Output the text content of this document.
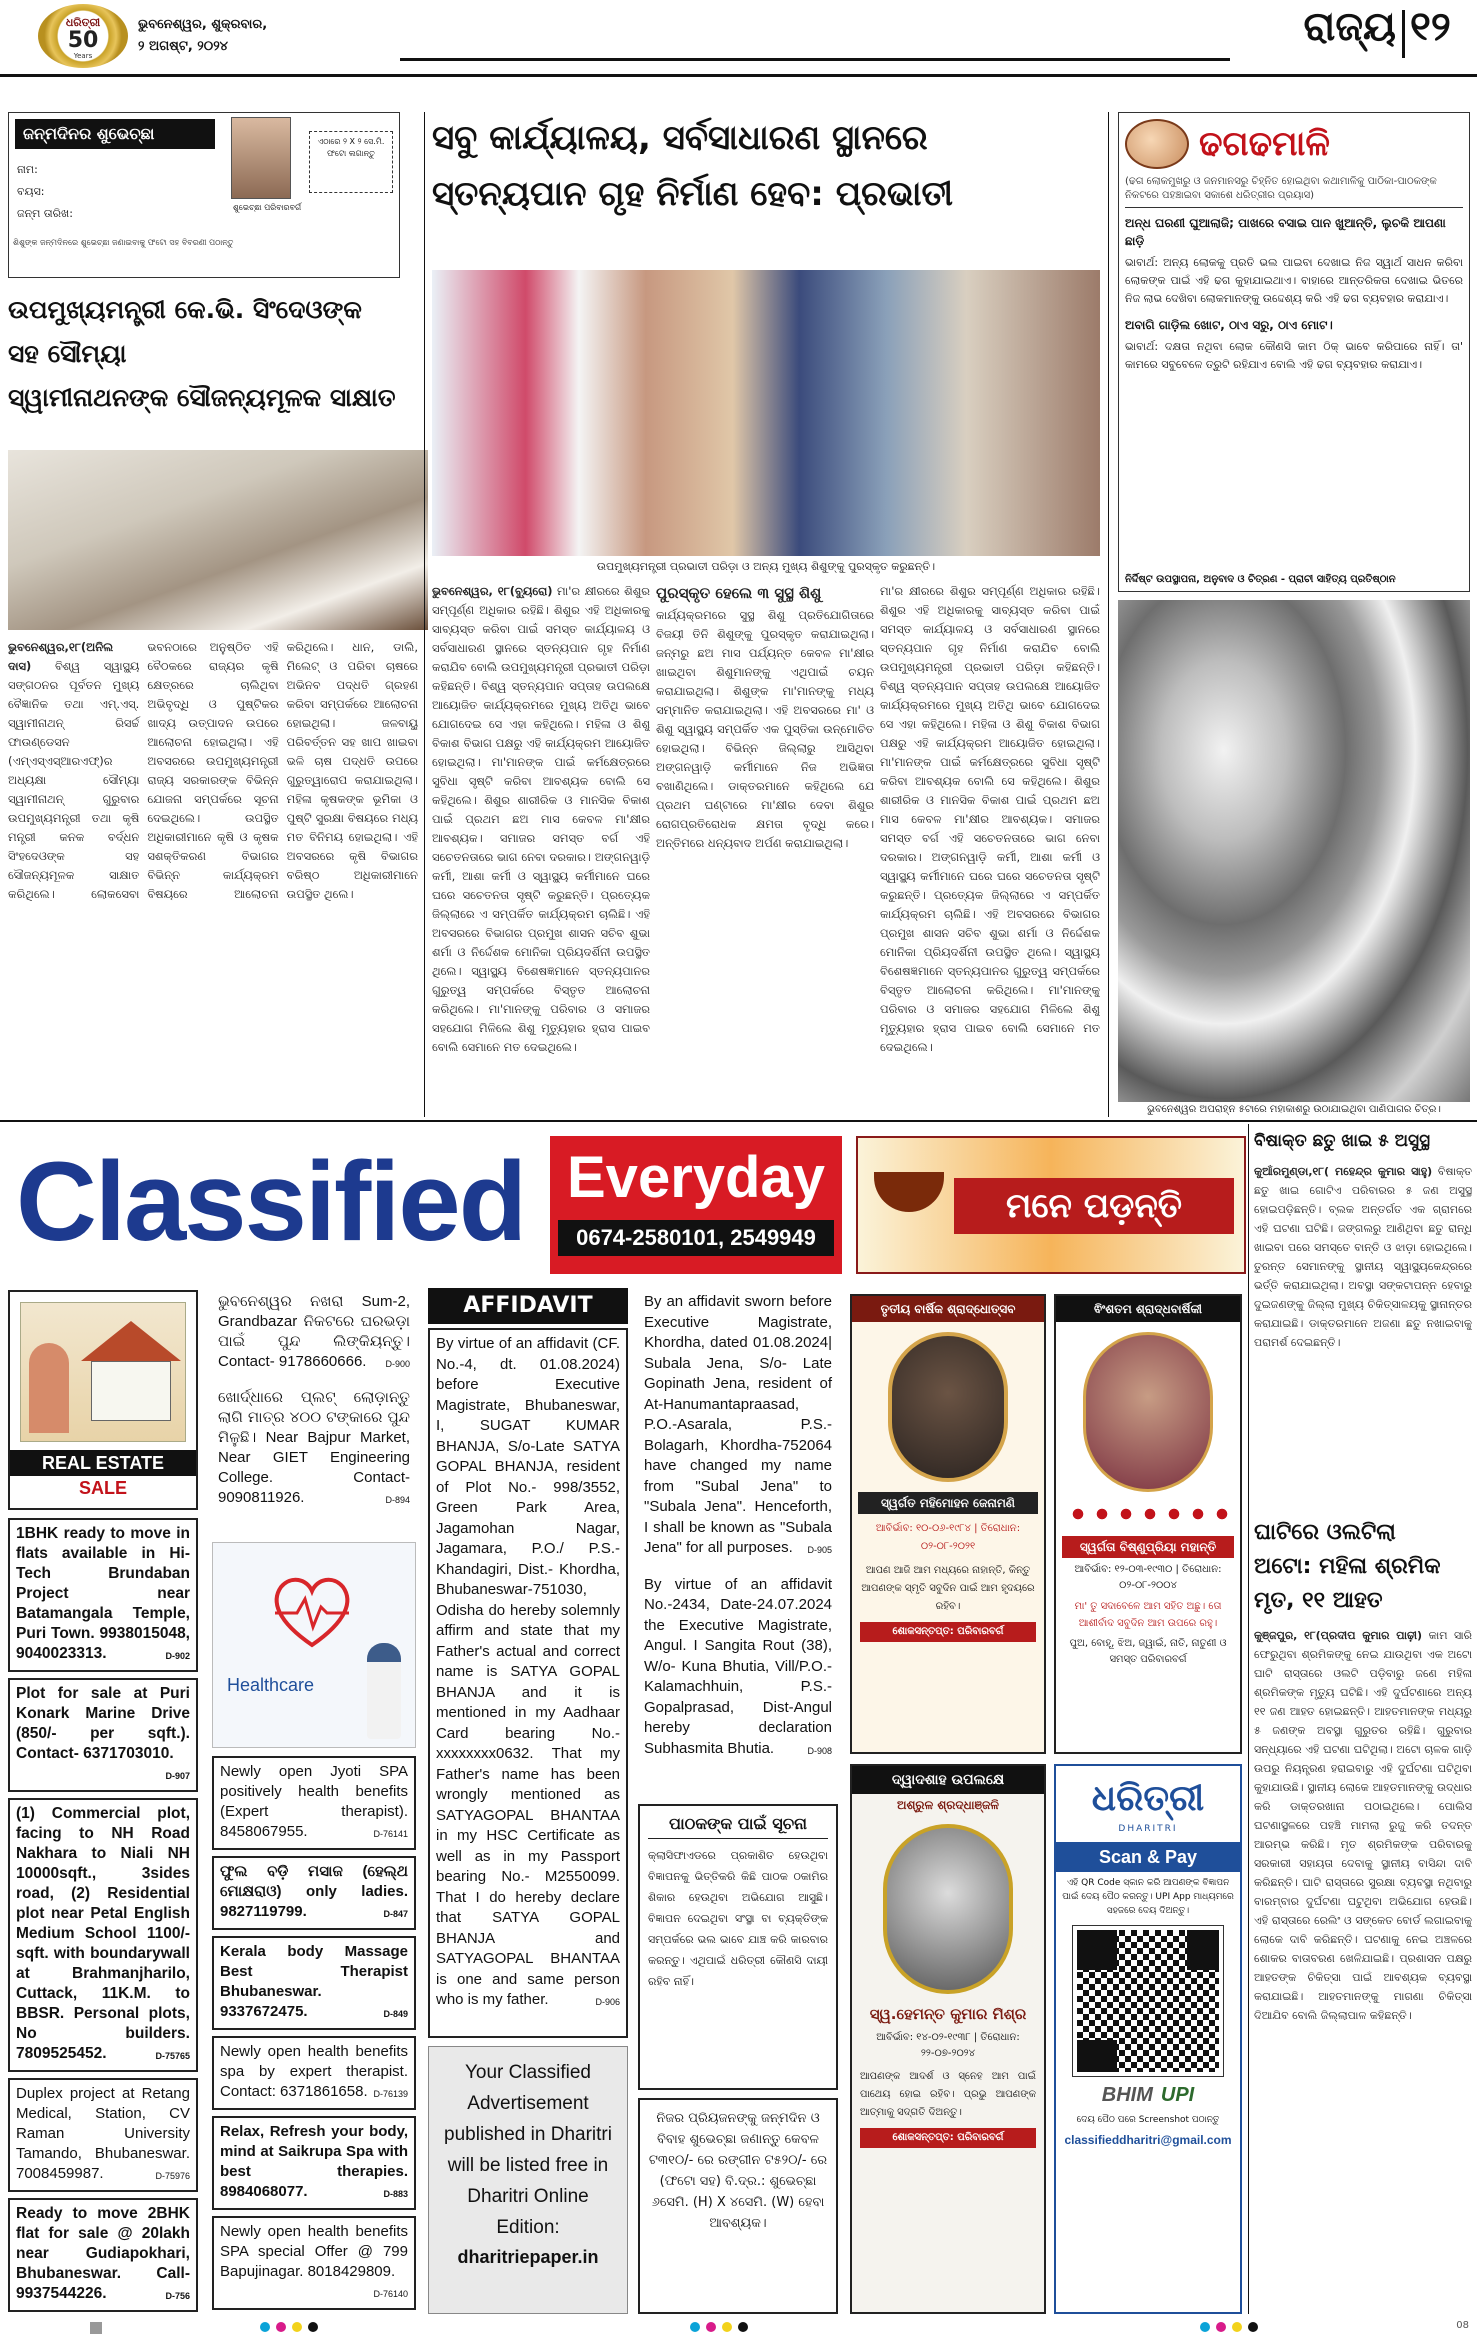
ଧରିତ୍ରୀ
50
Years
ଭୁବନେଶ୍ୱର, ଶୁକ୍ରବାର,
୨ ଅଗଷ୍ଟ, ୨୦୨୪	ରାଜ୍ୟ ୧୨
ଜନ୍ମଦିନର ଶୁଭେଚ୍ଛା	ଏଠାରେ ୨ X ୨ ସେ.ମି. ଫଟୋ ଲଗାନ୍ତୁ
ନାମ:
ବୟସ:
ଜନ୍ମ ତାରିଖ:	ଶୁଭେଚ୍ଛା ପରିବାରବର୍ଗ
ଶିଶୁଙ୍କ ଜନ୍ମଦିନରେ ଶୁଭେଚ୍ଛା ଜଣାଇବାକୁ ଫଟୋ ସହ ବିବରଣୀ ପଠାନ୍ତୁ
ଉପମୁଖ୍ୟମନ୍ତ୍ରୀ କେ.ଭି. ସିଂଦେଓଙ୍କ ସହ ସୌମ୍ୟା
ସ୍ୱାମୀନାଥନଙ୍କ ସୌଜନ୍ୟମୂଳକ ସାକ୍ଷାତ
ଭୁବନେଶ୍ୱର,୧୮(ଅନିଲ ଦାସ) ବିଶ୍ୱ ସ୍ୱାସ୍ଥ୍ୟ ସଙ୍ଗଠନର ପୂର୍ବତନ ମୁଖ୍ୟ ବୈଜ୍ଞାନିକ ତଥା ଏମ୍.ଏସ୍. ସ୍ୱାମୀନାଥନ୍ ରିସର୍ଚ୍ଚ ଫାଉଣ୍ଡେସନ (ଏମ୍‌ଏସ୍‌ଏସ୍‌ଆରଏଫ୍)ର ଅଧ୍ୟକ୍ଷା ସୌମ୍ୟା ସ୍ୱାମୀନାଥନ୍ ଗୁରୁବାର ଉପମୁଖ୍ୟମନ୍ତ୍ରୀ ତଥା କୃଷି ମନ୍ତ୍ରୀ କନକ ବର୍ଦ୍ଧନ ସିଂହଦେଓଙ୍କ ସହ ସୌଜନ୍ୟମୂଳକ ସାକ୍ଷାତ କରିଥିଲେ। ଲୋକସେବା ଭବନଠାରେ ଅନୁଷ୍ଠିତ ଏହି ବୈଠକରେ ରାଜ୍ୟର କୃଷି କ୍ଷେତ୍ରରେ ଚାଲିଥିବା ଅଭିବୃଦ୍ଧି ଓ ପୁଷ୍ଟିକର ଖାଦ୍ୟ ଉତ୍ପାଦନ ଉପରେ ଆଲୋଚନା ହୋଇଥିଲା। ଏହି ଅବସରରେ ଉପମୁଖ୍ୟମନ୍ତ୍ରୀ ରାଜ୍ୟ ସରକାରଙ୍କ ବିଭିନ୍ନ ଯୋଜନା ସମ୍ପର୍କରେ ସୂଚନା ଦେଇଥିଲେ। ଉପସ୍ଥିତ ଅଧିକାରୀମାନେ କୃଷି ଓ କୃଷକ ସଶକ୍ତିକରଣ ବିଭାଗର ବିଭିନ୍ନ କାର୍ଯ୍ୟକ୍ରମ ବିଷୟରେ ଆଲୋଚନା କରିଥିଲେ। ଧାନ, ଡାଲି, ମିଲେଟ୍ ଓ ପରିବା ଚାଷରେ ଅଭିନବ ପଦ୍ଧତି ଗ୍ରହଣ କରିବା ସମ୍ପର୍କରେ ଆଲୋଚନା ହୋଇଥିଲା। ଜଳବାୟୁ ପରିବର୍ତ୍ତନ ସହ ଖାପ ଖାଇବା ଭଳି ଚାଷ ପଦ୍ଧତି ଉପରେ ଗୁରୁତ୍ୱାରୋପ କରାଯାଇଥିଲା। ମହିଳା କୃଷକଙ୍କ ଭୂମିକା ଓ ପୁଷ୍ଟି ସୁରକ୍ଷା ବିଷୟରେ ମଧ୍ୟ ମତ ବିନିମୟ ହୋଇଥିଲା। ଏହି ଅବସରରେ କୃଷି ବିଭାଗର ବରିଷ୍ଠ ଅଧିକାରୀମାନେ ଉପସ୍ଥିତ ଥିଲେ।
ସବୁ କାର୍ଯ୍ୟାଳୟ, ସର୍ବସାଧାରଣ ସ୍ଥାନରେ
ସ୍ତନ୍ୟପାନ ଗୃହ ନିର୍ମାଣ ହେବ: ପ୍ରଭାତୀ
ଉପମୁଖ୍ୟମନ୍ତ୍ରୀ ପ୍ରଭାତୀ ପରିଡ଼ା ଓ ଅନ୍ୟ ମୁଖ୍ୟ ଶିଶୁଙ୍କୁ ପୁରସ୍କୃତ କରୁଛନ୍ତି।
ଭୁବନେଶ୍ୱର, ୧୮(ବ୍ୟୁରୋ) ମା'ର କ୍ଷୀରରେ ଶିଶୁର ସମ୍ପୂର୍ଣ୍ଣ ଅଧିକାର ରହିଛି। ଶିଶୁର ଏହି ଅଧିକାରକୁ ସାବ୍ୟସ୍ତ କରିବା ପାଇଁ ସମସ୍ତ କାର୍ଯ୍ୟାଳୟ ଓ ସର୍ବସାଧାରଣ ସ୍ଥାନରେ ସ୍ତନ୍ୟପାନ ଗୃହ ନିର୍ମାଣ କରାଯିବ ବୋଲି ଉପମୁଖ୍ୟମନ୍ତ୍ରୀ ପ୍ରଭାତୀ ପରିଡ଼ା କହିଛନ୍ତି। ବିଶ୍ୱ ସ୍ତନ୍ୟପାନ ସପ୍ତାହ ଉପଲକ୍ଷେ ଆୟୋଜିତ କାର୍ଯ୍ୟକ୍ରମରେ ମୁଖ୍ୟ ଅତିଥି ଭାବେ ଯୋଗଦେଇ ସେ ଏହା କହିଥିଲେ। ମହିଳା ଓ ଶିଶୁ ବିକାଶ ବିଭାଗ ପକ୍ଷରୁ ଏହି କାର୍ଯ୍ୟକ୍ରମ ଆୟୋଜିତ ହୋଇଥିଲା। ମା'ମାନଙ୍କ ପାଇଁ କର୍ମକ୍ଷେତ୍ରରେ ସୁବିଧା ସୃଷ୍ଟି କରିବା ଆବଶ୍ୟକ ବୋଲି ସେ କହିଥିଲେ। ଶିଶୁର ଶାରୀରିକ ଓ ମାନସିକ ବିକାଶ ପାଇଁ ପ୍ରଥମ ଛଅ ମାସ କେବଳ ମା'କ୍ଷୀର ଆବଶ୍ୟକ। ସମାଜର ସମସ୍ତ ବର୍ଗ ଏହି ସଚେତନତାରେ ଭାଗ ନେବା ଦରକାର। ଅଙ୍ଗନୱାଡ଼ି କର୍ମୀ, ଆଶା କର୍ମୀ ଓ ସ୍ୱାସ୍ଥ୍ୟ କର୍ମୀମାନେ ଘରେ ଘରେ ସଚେତନତା ସୃଷ୍ଟି କରୁଛନ୍ତି। ପ୍ରତ୍ୟେକ ଜିଲ୍ଲାରେ ଏ ସମ୍ପର୍କିତ କାର୍ଯ୍ୟକ୍ରମ ଚାଲିଛି। ଏହି ଅବସରରେ ବିଭାଗର ପ୍ରମୁଖ ଶାସନ ସଚିବ ଶୁଭା ଶର୍ମା ଓ ନିର୍ଦ୍ଦେଶକ ମୋନିକା ପ୍ରିୟଦର୍ଶିନୀ ଉପସ୍ଥିତ ଥିଲେ। ସ୍ୱାସ୍ଥ୍ୟ ବିଶେଷଜ୍ଞମାନେ ସ୍ତନ୍ୟପାନର ଗୁରୁତ୍ୱ ସମ୍ପର୍କରେ ବିସ୍ତୃତ ଆଲୋଚନା କରିଥିଲେ। ମା'ମାନଙ୍କୁ ପରିବାର ଓ ସମାଜର ସହଯୋଗ ମିଳିଲେ ଶିଶୁ ମୃତ୍ୟୁହାର ହ୍ରାସ ପାଇବ ବୋଲି ସେମାନେ ମତ ଦେଇଥିଲେ।
ପୁରସ୍କୃତ ହେଲେ ୩ ସୁସ୍ଥ ଶିଶୁ
କାର୍ଯ୍ୟକ୍ରମରେ ସୁସ୍ଥ ଶିଶୁ ପ୍ରତିଯୋଗିତାରେ ବିଜୟୀ ତିନି ଶିଶୁଙ୍କୁ ପୁରସ୍କୃତ କରାଯାଇଥିଲା। ଜନ୍ମରୁ ଛଅ ମାସ ପର୍ଯ୍ୟନ୍ତ କେବଳ ମା'କ୍ଷୀର ଖାଇଥିବା ଶିଶୁମାନଙ୍କୁ ଏଥିପାଇଁ ଚୟନ କରାଯାଇଥିଲା। ଶିଶୁଙ୍କ ମା'ମାନଙ୍କୁ ମଧ୍ୟ ସମ୍ମାନିତ କରାଯାଇଥିଲା। ଏହି ଅବସରରେ ମା' ଓ ଶିଶୁ ସ୍ୱାସ୍ଥ୍ୟ ସମ୍ପର୍କିତ ଏକ ପୁସ୍ତିକା ଉନ୍ମୋଚିତ ହୋଇଥିଲା। ବିଭିନ୍ନ ଜିଲ୍ଲାରୁ ଆସିଥିବା ଅଙ୍ଗନୱାଡ଼ି କର୍ମୀମାନେ ନିଜ ଅଭିଜ୍ଞତା ବଖାଣିଥିଲେ। ଡାକ୍ତରମାନେ କହିଥିଲେ ଯେ ପ୍ରଥମ ଘଣ୍ଟାରେ ମା'କ୍ଷୀର ଦେବା ଶିଶୁର ରୋଗପ୍ରତିରୋଧକ କ୍ଷମତା ବୃଦ୍ଧି କରେ। ଅନ୍ତିମରେ ଧନ୍ୟବାଦ ଅର୍ପଣ କରାଯାଇଥିଲା।
ମା'ର କ୍ଷୀରରେ ଶିଶୁର ସମ୍ପୂର୍ଣ୍ଣ ଅଧିକାର ରହିଛି। ଶିଶୁର ଏହି ଅଧିକାରକୁ ସାବ୍ୟସ୍ତ କରିବା ପାଇଁ ସମସ୍ତ କାର୍ଯ୍ୟାଳୟ ଓ ସର୍ବସାଧାରଣ ସ୍ଥାନରେ ସ୍ତନ୍ୟପାନ ଗୃହ ନିର୍ମାଣ କରାଯିବ ବୋଲି ଉପମୁଖ୍ୟମନ୍ତ୍ରୀ ପ୍ରଭାତୀ ପରିଡ଼ା କହିଛନ୍ତି। ବିଶ୍ୱ ସ୍ତନ୍ୟପାନ ସପ୍ତାହ ଉପଲକ୍ଷେ ଆୟୋଜିତ କାର୍ଯ୍ୟକ୍ରମରେ ମୁଖ୍ୟ ଅତିଥି ଭାବେ ଯୋଗଦେଇ ସେ ଏହା କହିଥିଲେ। ମହିଳା ଓ ଶିଶୁ ବିକାଶ ବିଭାଗ ପକ୍ଷରୁ ଏହି କାର୍ଯ୍ୟକ୍ରମ ଆୟୋଜିତ ହୋଇଥିଲା। ମା'ମାନଙ୍କ ପାଇଁ କର୍ମକ୍ଷେତ୍ରରେ ସୁବିଧା ସୃଷ୍ଟି କରିବା ଆବଶ୍ୟକ ବୋଲି ସେ କହିଥିଲେ। ଶିଶୁର ଶାରୀରିକ ଓ ମାନସିକ ବିକାଶ ପାଇଁ ପ୍ରଥମ ଛଅ ମାସ କେବଳ ମା'କ୍ଷୀର ଆବଶ୍ୟକ। ସମାଜର ସମସ୍ତ ବର୍ଗ ଏହି ସଚେତନତାରେ ଭାଗ ନେବା ଦରକାର। ଅଙ୍ଗନୱାଡ଼ି କର୍ମୀ, ଆଶା କର୍ମୀ ଓ ସ୍ୱାସ୍ଥ୍ୟ କର୍ମୀମାନେ ଘରେ ଘରେ ସଚେତନତା ସୃଷ୍ଟି କରୁଛନ୍ତି। ପ୍ରତ୍ୟେକ ଜିଲ୍ଲାରେ ଏ ସମ୍ପର୍କିତ କାର୍ଯ୍ୟକ୍ରମ ଚାଲିଛି। ଏହି ଅବସରରେ ବିଭାଗର ପ୍ରମୁଖ ଶାସନ ସଚିବ ଶୁଭା ଶର୍ମା ଓ ନିର୍ଦ୍ଦେଶକ ମୋନିକା ପ୍ରିୟଦର୍ଶିନୀ ଉପସ୍ଥିତ ଥିଲେ। ସ୍ୱାସ୍ଥ୍ୟ ବିଶେଷଜ୍ଞମାନେ ସ୍ତନ୍ୟପାନର ଗୁରୁତ୍ୱ ସମ୍ପର୍କରେ ବିସ୍ତୃତ ଆଲୋଚନା କରିଥିଲେ। ମା'ମାନଙ୍କୁ ପରିବାର ଓ ସମାଜର ସହଯୋଗ ମିଳିଲେ ଶିଶୁ ମୃତ୍ୟୁହାର ହ୍ରାସ ପାଇବ ବୋଲି ସେମାନେ ମତ ଦେଇଥିଲେ।
ଢଗଢମାଳି
(ଢଗ ଲୋକମୁଖରୁ ଓ ଜନମାନସରୁ ଚିହ୍ନିତ ହୋଇଥିବା କଥାମାଳିକୁ ପାଠିକା-ପାଠକଙ୍କ ନିକଟରେ ପହଞ୍ଚାଇବା ସକାଶେ ଧରିତ୍ରୀର ପ୍ରୟାସ)
ଅନ୍ଧ ଘରଣୀ ଘୁଆଲାଜି; ପାଖରେ ବସାଇ ପାନ ଖୁଆନ୍ତି, ଲୁଚକି ଆପଣା ଛାଡ଼ି
ଭାବାର୍ଥ: ଅନ୍ୟ ଲୋକକୁ ପ୍ରତି ଭଲ ପାଇବା ଦେଖାଇ ନିଜ ସ୍ୱାର୍ଥ ସାଧନ କରିବା ଲୋକଙ୍କ ପାଇଁ ଏହି ଢଗ କୁହାଯାଇଥାଏ। ବାହାରେ ଆନ୍ତରିକତା ଦେଖାଇ ଭିତରେ ନିଜ ଲାଭ ଦେଖିବା ଲୋକମାନଙ୍କୁ ଉଦ୍ଦେଶ୍ୟ କରି ଏହି ଢଗ ବ୍ୟବହାର କରାଯାଏ।
ଅବାଗି ଗାଡ଼ିଲ ଖୋଟ, ଠାଏ ସରୁ, ଠାଏ ମୋଟ।
ଭାବାର୍ଥ: ଦକ୍ଷତା ନଥିବା ଲୋକ କୌଣସି କାମ ଠିକ୍ ଭାବେ କରିପାରେ ନାହିଁ। ତା' କାମରେ ସବୁବେଳେ ତ୍ରୁଟି ରହିଯାଏ ବୋଲି ଏହି ଢଗ ବ୍ୟବହାର କରାଯାଏ।
ନିର୍ଦ୍ଦିଷ୍ଟ ଉପସ୍ଥାପନା, ଅନୁବାଦ ଓ ଚିତ୍ରଣ - ପ୍ରାଚୀ ସାହିତ୍ୟ ପ୍ରତିଷ୍ଠାନ
ଭୁବନେଶ୍ୱର ଅପରାହ୍ନ ୫ଟାରେ ମହାକାଶରୁ ଉଠାଯାଇଥିବା ପାଣିପାଗର ଚିତ୍ର।
Classified Everyday
0674-2580101, 2549949
ମନେ ପଡ଼ନ୍ତି
ବିଷାକ୍ତ ଛତୁ ଖାଇ ୫ ଅସୁସ୍ଥ
କୁଆଁରମୁଣ୍ଡା,୧୮( ମହେନ୍ଦ୍ର କୁମାର ସାହୁ) ବିଷାକ୍ତ ଛତୁ ଖାଇ ଗୋଟିଏ ପରିବାରର ୫ ଜଣ ଅସୁସ୍ଥ ହୋଇପଡ଼ିଛନ୍ତି। ବ୍ଲକ ଅନ୍ତର୍ଗତ ଏକ ଗ୍ରାମରେ ଏହି ଘଟଣା ଘଟିଛି। ଜଙ୍ଗଲରୁ ଆଣିଥିବା ଛତୁ ରାନ୍ଧି ଖାଇବା ପରେ ସମସ୍ତେ ବାନ୍ତି ଓ ଝାଡ଼ା ହୋଇଥିଲେ। ତୁରନ୍ତ ସେମାନଙ୍କୁ ସ୍ଥାନୀୟ ସ୍ୱାସ୍ଥ୍ୟକେନ୍ଦ୍ରରେ ଭର୍ତ୍ତି କରାଯାଇଥିଲା। ଅବସ୍ଥା ସଙ୍କଟାପନ୍ନ ହେବାରୁ ଦୁଇଜଣଙ୍କୁ ଜିଲ୍ଲା ମୁଖ୍ୟ ଚିକିତ୍ସାଳୟକୁ ସ୍ଥାନାନ୍ତର କରାଯାଇଛି। ଡାକ୍ତରମାନେ ଅଜଣା ଛତୁ ନଖାଇବାକୁ ପରାମର୍ଶ ଦେଇଛନ୍ତି।
ଘାଟିରେ ଓଲଟିଲା
ଅଟୋ: ମହିଳା ଶ୍ରମିକ
ମୃତ, ୧୧ ଆହତ
କୁଞ୍ଜପୁର, ୧୮(ପ୍ରଦୀପ କୁମାର ପାଢ଼ୀ) କାମ ସାରି ଫେରୁଥିବା ଶ୍ରମିକଙ୍କୁ ନେଇ ଯାଉଥିବା ଏକ ଅଟୋ ଘାଟି ରାସ୍ତାରେ ଓଲଟି ପଡ଼ିବାରୁ ଜଣେ ମହିଳା ଶ୍ରମିକଙ୍କ ମୃତ୍ୟୁ ଘଟିଛି। ଏହି ଦୁର୍ଘଟଣାରେ ଅନ୍ୟ ୧୧ ଜଣ ଆହତ ହୋଇଛନ୍ତି। ଆହତମାନଙ୍କ ମଧ୍ୟରୁ ୫ ଜଣଙ୍କ ଅବସ୍ଥା ଗୁରୁତର ରହିଛି। ଗୁରୁବାର ସନ୍ଧ୍ୟାରେ ଏହି ଘଟଣା ଘଟିଥିଲା। ଅଟୋ ଚାଳକ ଗାଡ଼ି ଉପରୁ ନିୟନ୍ତ୍ରଣ ହରାଇବାରୁ ଏହି ଦୁର୍ଘଟଣା ଘଟିଥିବା କୁହାଯାଉଛି। ସ୍ଥାନୀୟ ଲୋକେ ଆହତମାନଙ୍କୁ ଉଦ୍ଧାର କରି ଡାକ୍ତରଖାନା ପଠାଇଥିଲେ। ପୋଲିସ ଘଟଣାସ୍ଥଳରେ ପହଞ୍ଚି ମାମଲା ରୁଜୁ କରି ତଦନ୍ତ ଆରମ୍ଭ କରିଛି। ମୃତ ଶ୍ରମିକଙ୍କ ପରିବାରକୁ ସରକାରୀ ସହାୟତା ଦେବାକୁ ସ୍ଥାନୀୟ ବାସିନ୍ଦା ଦାବି କରିଛନ୍ତି। ଘାଟି ରାସ୍ତାରେ ସୁରକ୍ଷା ବ୍ୟବସ୍ଥା ନଥିବାରୁ ବାରମ୍ବାର ଦୁର୍ଘଟଣା ଘଟୁଥିବା ଅଭିଯୋଗ ହେଉଛି। ଏହି ରାସ୍ତାରେ ରେଲିଂ ଓ ସଙ୍କେତ ବୋର୍ଡ ଲଗାଇବାକୁ ଲୋକେ ଦାବି କରିଛନ୍ତି। ଘଟଣାକୁ ନେଇ ଅଞ୍ଚଳରେ ଶୋକର ବାତାବରଣ ଖେଳିଯାଇଛି। ପ୍ରଶାସନ ପକ୍ଷରୁ ଆହତଙ୍କ ଚିକିତ୍ସା ପାଇଁ ଆବଶ୍ୟକ ବ୍ୟବସ୍ଥା କରାଯାଇଛି। ଆହତମାନଙ୍କୁ ମାଗଣା ଚିକିତ୍ସା ଦିଆଯିବ ବୋଲି ଜିଲ୍ଲାପାଳ କହିଛନ୍ତି।
REAL ESTATE
SALE
1BHK ready to move in flats available in Hi-Tech Brundaban Project near Batamangala Temple, Puri Town. 9938015048, 9040023313.	D-902
Plot for sale at Puri Konark Marine Drive (850/- per sqft.). Contact- 6371703010.
D-907
(1) Commercial plot, facing to NH Road Nakhara to Niali NH 10000sqft., 3sides road, (2) Residential plot near Petal English Medium School 1100/- sqft. with boundarywall at Brahmanjharilo, Cuttack, 11K.M. to BBSR. Personal plots, No builders. 7809525452.	D-75765
Duplex project at Retang Medical, Station, CV Raman University Tamando, Bhubaneswar. 7008459987.	D-75976
Ready to move 2BHK flat for sale @ 20lakh near Gudiapokhari, Bhubaneswar. Call-9937544226.	D-756
ଭୁବନେଶ୍ୱର ନଖରା Sum-2, Grandbazar ନିକଟରେ ଘରଭଡ଼ା ପାଇଁ ପୁନ୍ଦ ଲିଙ୍କିୟନ୍ତୁ। Contact- 9178660666. D-900
ଖୋର୍ଦ୍ଧାରେ ପ୍ଲଟ୍ ଲୋଡ଼ାନ୍ତୁ ଲାଗି ମାତ୍ର ୪୦୦ ଟଙ୍କାରେ ପୁନ୍ଦ ମିଳୁଛି। Near Bajpur Market, Near GIET Engineering College. Contact- 9090811926.	D-894
Healthcare
Newly open Jyoti SPA positively health benefits (Expert therapist). 8458067955.	D-76141
ଫୁଲ ବଡ଼ି ମସାଜ (ହେଲ୍ଥ ମୋକ୍ଷରାଓ) only ladies. 9827119799.	D-847
Kerala body Massage Best Therapist Bhubaneswar. 9337672475.	D-849
Newly open health benefits spa by expert therapist. Contact: 6371861658. D-76139
Relax, Refresh your body, mind at Saikrupa Spa with best therapies. 8984068077.	D-883
Newly open health benefits SPA special Offer @ 799 Bapujinagar. 8018429809.
D-76140
AFFIDAVIT
By virtue of an affidavit (CF. No.-4, dt. 01.08.2024) before Executive Magistrate, Bhubaneswar, I, SUGAT KUMAR BHANJA, S/o-Late SATYA GOPAL BHANJA, resident of Plot No.- 998/3552, Green Park Area, Jagamohan Nagar, Jagamara, P.O./ P.S.- Khandagiri, Dist.- Khordha, Bhubaneswar-751030, Odisha do hereby solemnly affirm and state that my Father's actual and correct name is SATYA GOPAL BHANJA and it is mentioned in my Aadhaar Card bearing No.- xxxxxxxx0632. That my Father's name has been wrongly mentioned as SATYAGOPAL BHANTAA in my HSC Certificate as well as in my Passport bearing No.- M2550099. That I do hereby declare that SATYA GOPAL BHANJA and SATYAGOPAL BHANTAA is one and same person who is my father.	D-906
Your Classified Advertisement published in Dharitri will be listed free in Dharitri Online Edition:
dharitriepaper.in
By an affidavit sworn before Executive Magistrate, Khordha, dated 01.08.2024| Subala Jena, S/o- Late Gopinath Jena, resident of At-Hanumantapraasad, P.O.-Asarala, P.S.- Bolagarh, Khordha-752064 have changed my name from "Subal Jena" to "Subala Jena". Henceforth, I shall be known as "Subala Jena" for all purposes. D-905
By virtue of an affidavit No.-2434, Date-24.07.2024 the Executive Magistrate, Angul. I Sangita Rout (38), W/o- Kuna Bhutia, Vill/P.O.- Kalamachhuin, P.S.- Gopalprasad, Dist-Angul hereby declaration Subhasmita Bhutia.	D-908
ପାଠକଙ୍କ ପାଇଁ ସୂଚନା
କ୍ଲାସିଫାଏଡରେ ପ୍ରକାଶିତ ହେଉଥିବା ବିଜ୍ଞାପନକୁ ଭିତ୍ତିକରି କିଛି ପାଠକ ଠକାମିର ଶିକାର ହେଉଥିବା ଅଭିଯୋଗ ଆସୁଛି। ବିଜ୍ଞାପନ ଦେଇଥିବା ସଂସ୍ଥା ବା ବ୍ୟକ୍ତିଙ୍କ ସମ୍ପର୍କରେ ଭଲ ଭାବେ ଯାଞ୍ଚ କରି କାରବାର କରନ୍ତୁ। ଏଥିପାଇଁ ଧରିତ୍ରୀ କୌଣସି ଦାୟୀ ରହିବ ନାହିଁ।
ନିଜର ପ୍ରିୟଜନଙ୍କୁ ଜନ୍ମଦିନ ଓ ବିବାହ ଶୁଭେଚ୍ଛା ଜଣାନ୍ତୁ କେବଳ ଟ୩୧୦/- ରେ ରଙ୍ଗୀନ ଟ୫୨୦/- ରେ (ଫଟୋ ସହ) ବି.ଦ୍ର.: ଶୁଭେଚ୍ଛା ୬ସେମି. (H) X ୪ସେମି. (W) ହେବା ଆବଶ୍ୟକ।
ତୃତୀୟ ବାର୍ଷିକ ଶ୍ରାଦ୍ଧୋତ୍ସବ
ସ୍ୱର୍ଗତ ମହିମୋହନ ଜେନାମଣି
ଆବିର୍ଭାବ: ୧୦-୦୬-୧୯୮୪ | ତିରୋଧାନ: ୦୨-୦୮-୨୦୨୧
ଆପଣ ଆଜି ଆମ ମଧ୍ୟରେ ନାହାନ୍ତି, କିନ୍ତୁ ଆପଣଙ୍କ ସ୍ମୃତି ସବୁଦିନ ପାଇଁ ଆମ ହୃଦୟରେ ରହିବ।
ଶୋକସନ୍ତପ୍ତ: ପରିବାରବର୍ଗ
ଵିଂଶତମ ଶ୍ରାଦ୍ଧବାର୍ଷିକୀ
ସ୍ୱର୍ଗତା ବିଷ୍ଣୁପ୍ରିୟା ମହାନ୍ତି
ଆବିର୍ଭାବ: ୧୨-୦୩-୧୯୩୦ | ତିରୋଧାନ: ୦୨-୦୮-୨୦୦୪
ମା' ତୁ ସଦାବେଳେ ଆମ ସହିତ ଅଛୁ। ତୋ ଆଶୀର୍ବାଦ ସବୁଦିନ ଆମ ଉପରେ ରହୁ।
ପୁଅ, ବୋହୂ, ଝିଅ, ଜ୍ୱାଇଁ, ନାତି, ନାତୁଣୀ ଓ ସମସ୍ତ ପରିବାରବର୍ଗ
ଦ୍ୱାଦଶାହ ଉପଲକ୍ଷେ
ଅଶ୍ରୁଳ ଶ୍ରଦ୍ଧାଞ୍ଜଳି
ସ୍ୱ.ହେମନ୍ତ କୁମାର ମିଶ୍ର
ଆବିର୍ଭାବ: ୧୪-୦୨-୧୯୩୮ | ତିରୋଧାନ: ୨୨-୦୭-୨୦୨୪
ଆପଣଙ୍କ ଆଦର୍ଶ ଓ ସ୍ନେହ ଆମ ପାଇଁ ପାଥେୟ ହୋଇ ରହିବ। ପ୍ରଭୁ ଆପଣଙ୍କ ଆତ୍ମାକୁ ସଦ୍ଗତି ଦିଅନ୍ତୁ।
ଶୋକସନ୍ତପ୍ତ: ପରିବାରବର୍ଗ
ଧରିତ୍ରୀ
DHARITRI
Scan & Pay
ଏହି QR Code ସ୍କାନ କରି ଆପଣଙ୍କ ବିଜ୍ଞାପନ ପାଇଁ ଦେୟ ପୈଠ କରନ୍ତୁ। UPI App ମାଧ୍ୟମରେ ସହଜରେ ଦେୟ ଦିଅନ୍ତୁ।
BHIM UPI
ଦେୟ ପୈଠ ପରେ Screenshot ପଠାନ୍ତୁ
classifieddharitri@gmail.com
08
